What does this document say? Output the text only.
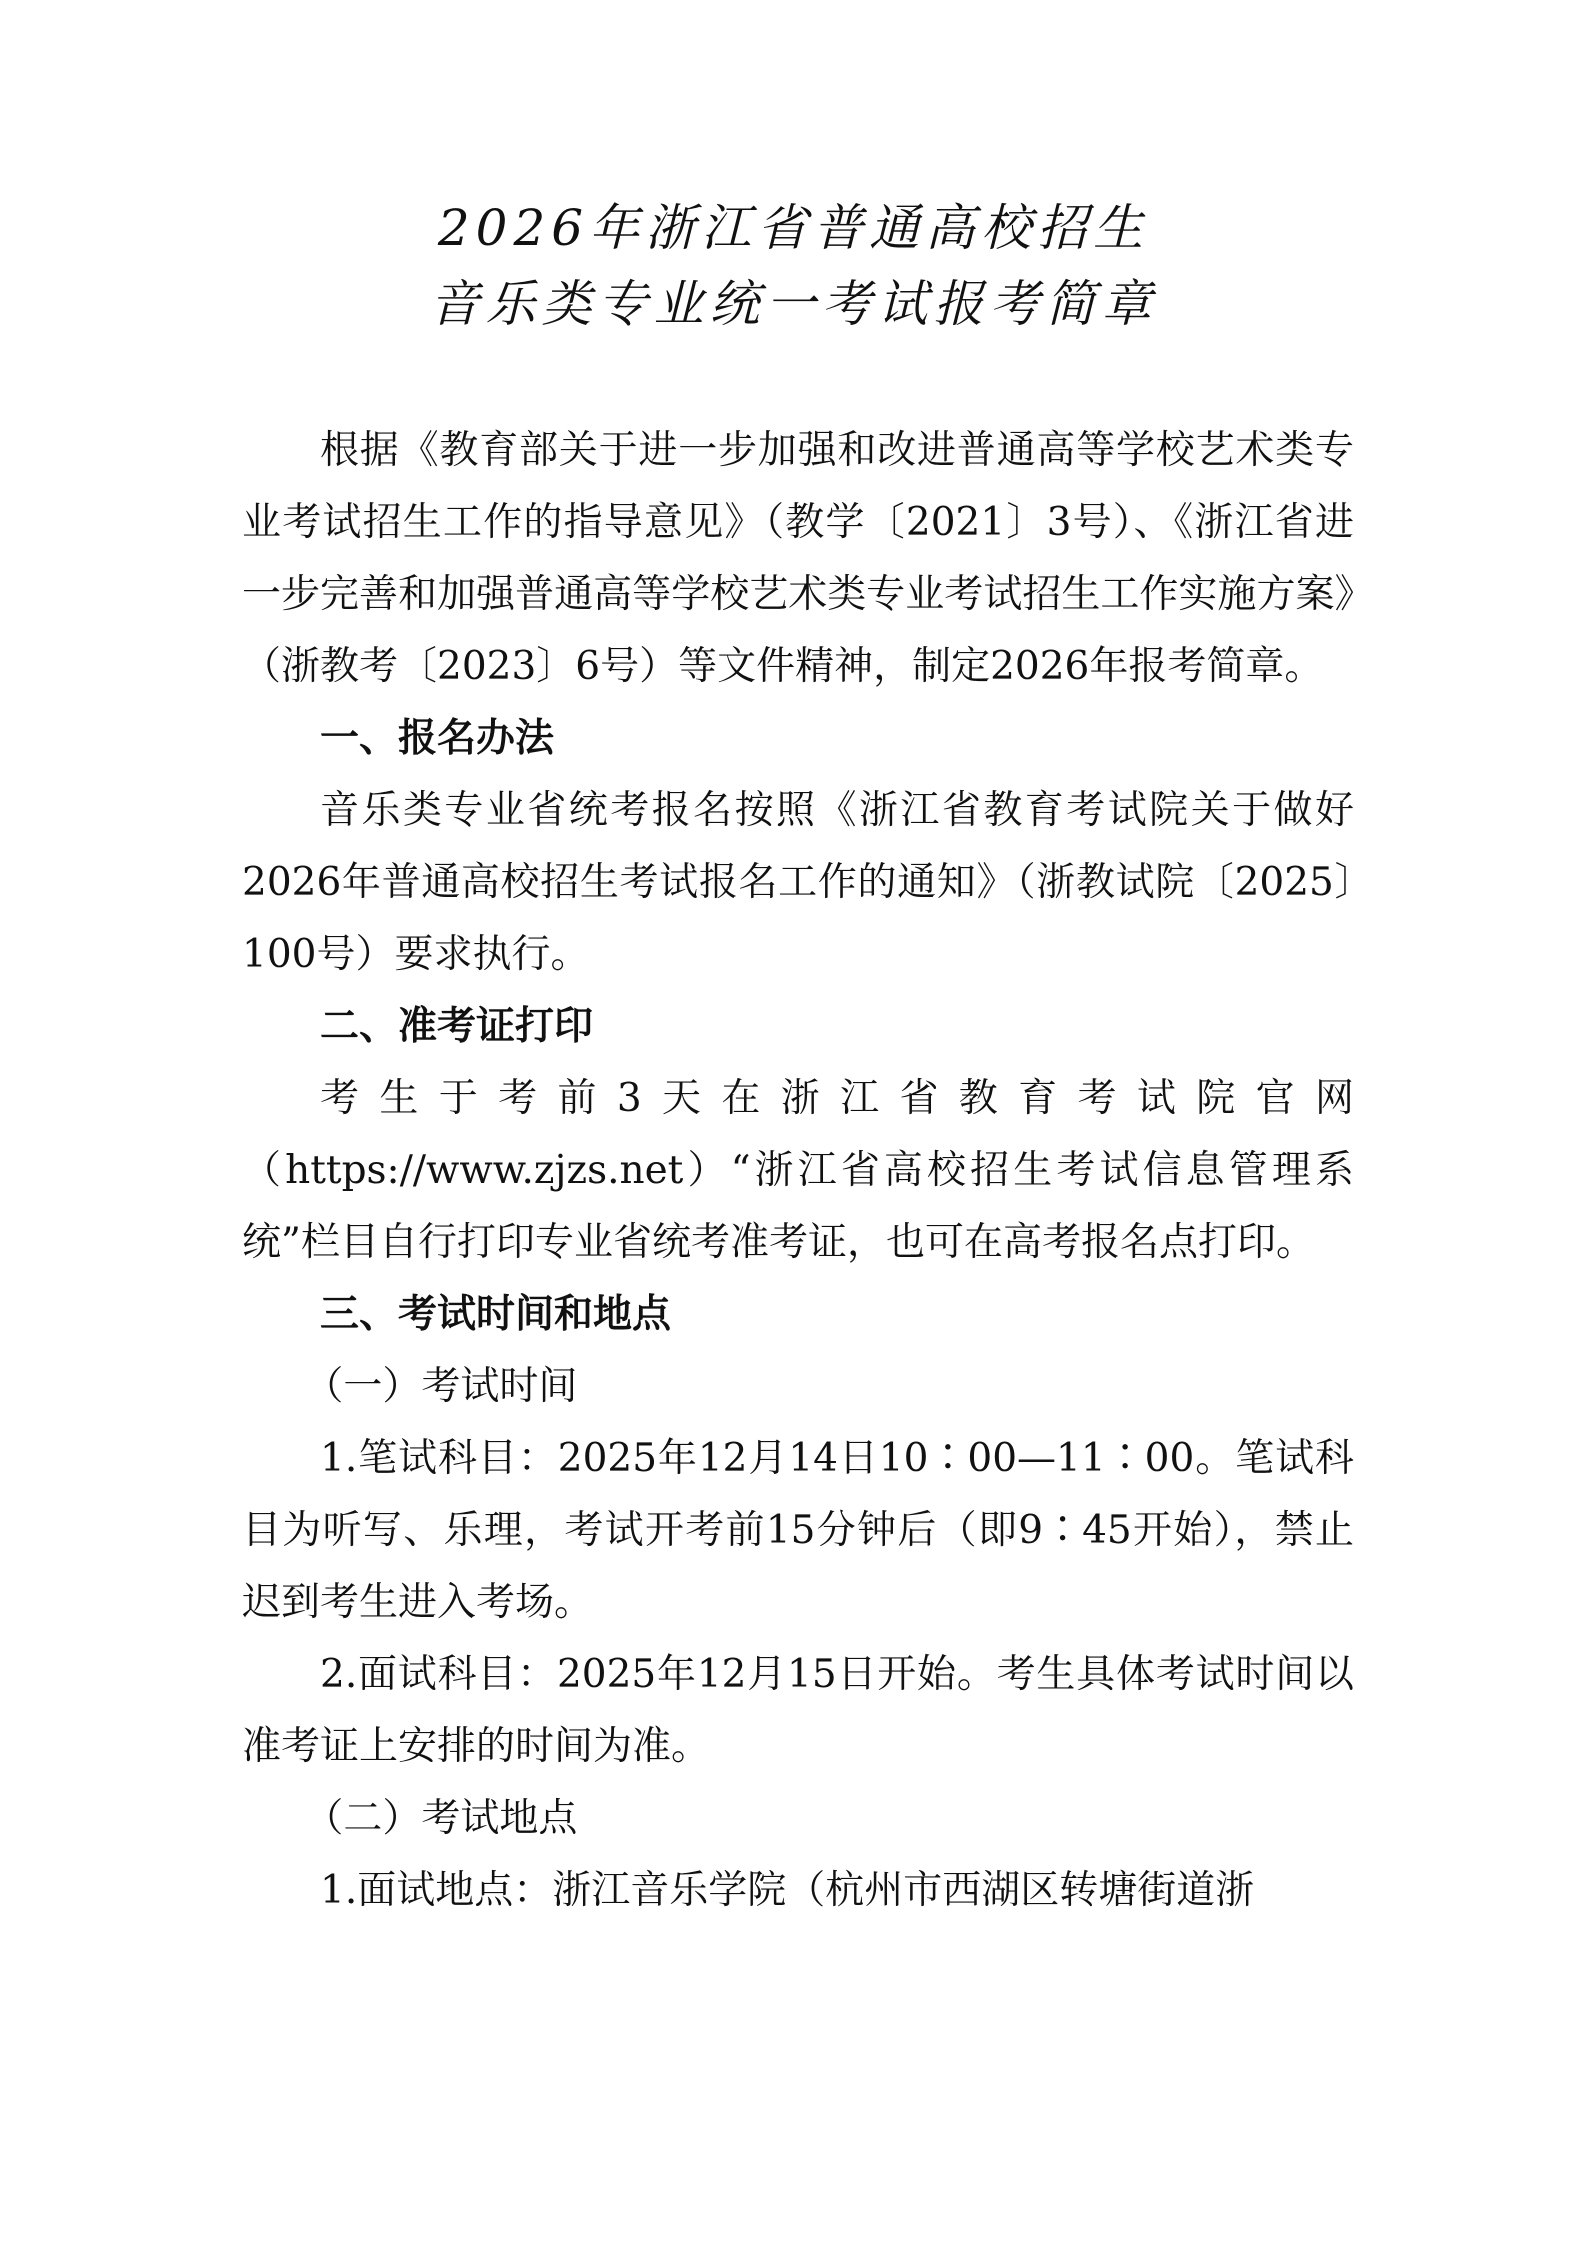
2026年浙江省普通高校招生
音乐类专业统一考试报考简章

根据《教育部关于进一步加强和改进普通高等学校艺术类专业考试招生工作的指导意见》（教学〔2021〕3号）、《浙江省进一步完善和加强普通高等学校艺术类专业考试招生工作实施方案》（浙教考〔2023〕6号）等文件精神，制定2026年报考简章。

一、报名办法

音乐类专业省统考报名按照《浙江省教育考试院关于做好2026年普通高校招生考试报名工作的通知》（浙教试院〔2025〕100号）要求执行。

二、准考证打印

考生于考前3天在浙江省教育考试院官网（https://www.zjzs.net）“浙江省高校招生考试信息管理系统”栏目自行打印专业省统考准考证，也可在高考报名点打印。

三、考试时间和地点

（一）考试时间

1.笔试科目：2025年12月14日10∶00—11∶00。笔试科目为听写、乐理，考试开考前15分钟后（即9∶45开始），禁止迟到考生进入考场。

2.面试科目：2025年12月15日开始。考生具体考试时间以准考证上安排的时间为准。

（二）考试地点

1.面试地点：浙江音乐学院（杭州市西湖区转塘街道浙
